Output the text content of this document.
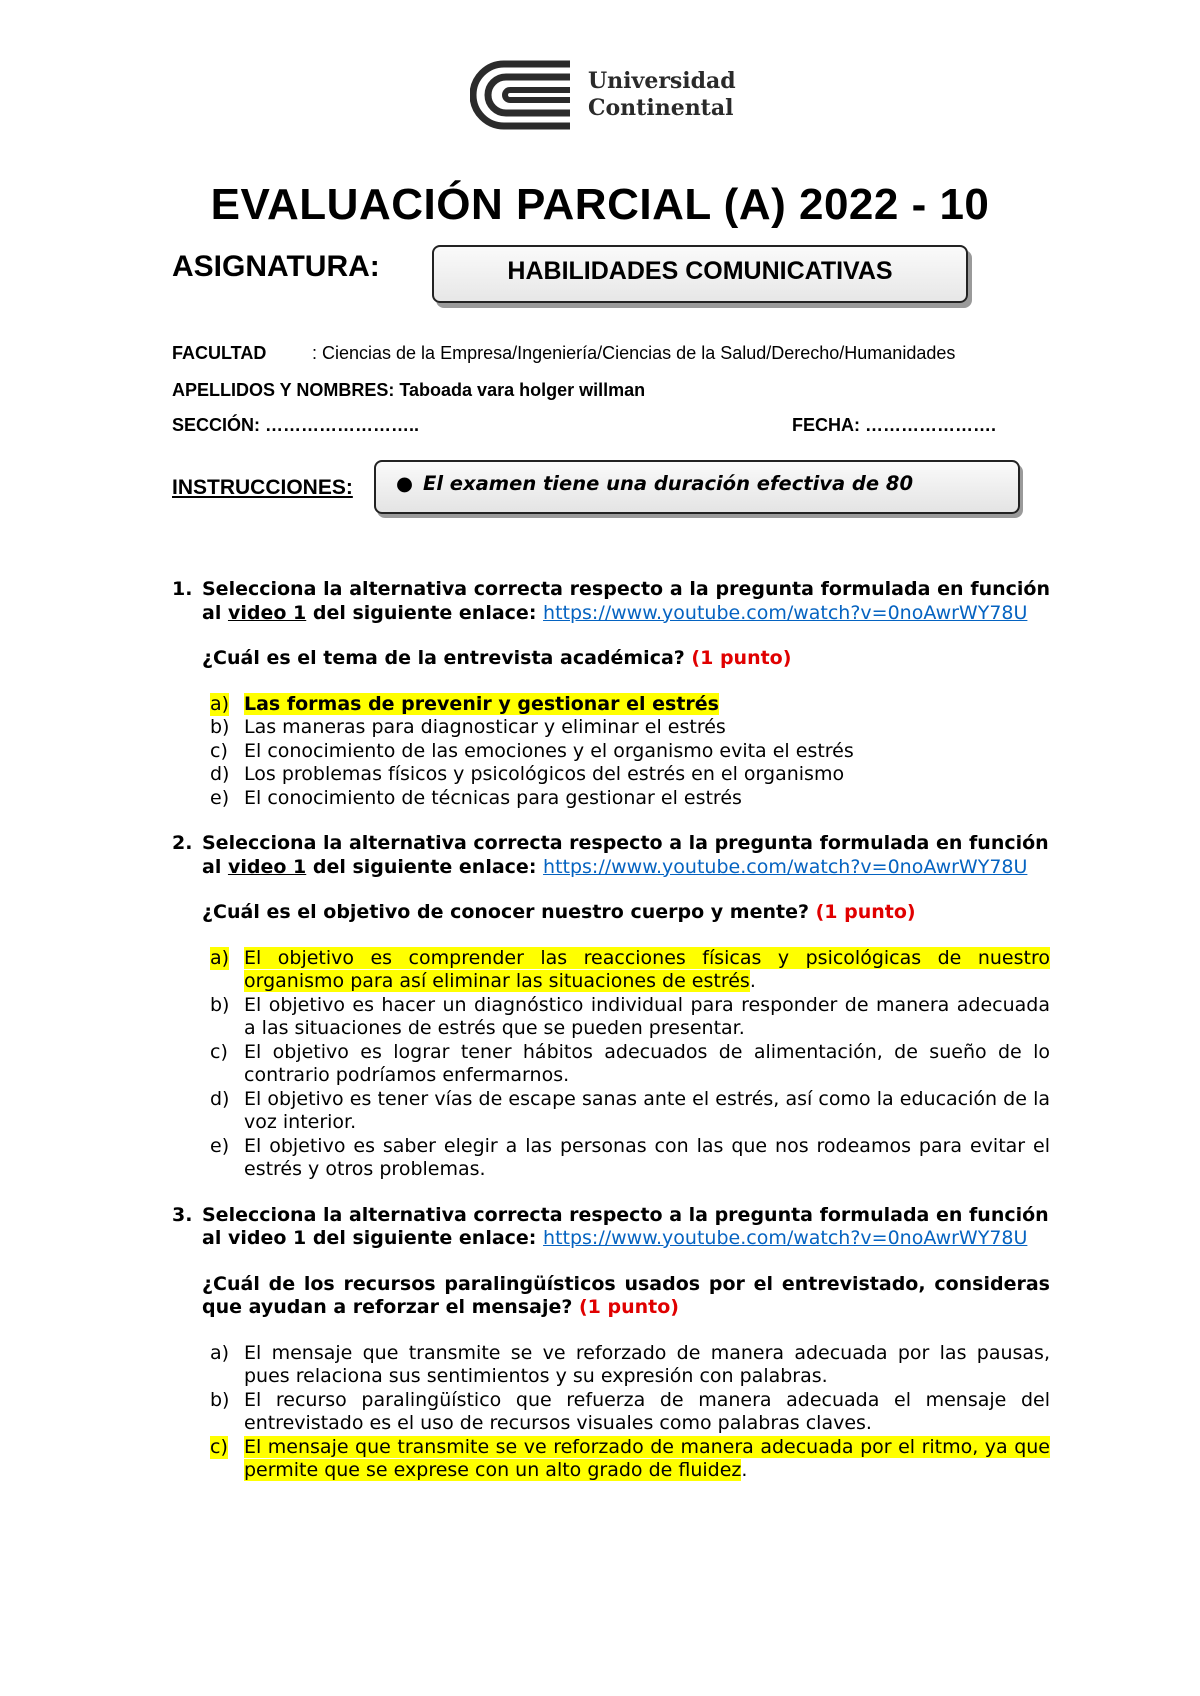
Universidad
Continental
EVALUACIÓN PARCIAL (A) 2022 - 10
ASIGNATURA:	HABILIDADES COMUNICATIVAS
FACULTAD	: Ciencias de la Empresa/Ingeniería/Ciencias de la Salud/Derecho/Humanidades
APELLIDOS Y NOMBRES: Taboada vara holger willman
SECCIÓN: ……………………..	FECHA: ………………….
INSTRUCCIONES: ● El examen tiene una duración efectiva de 80
1. Selecciona la alternativa correcta respecto a la pregunta formulada en función al video 1 del siguiente enlace: https://www.youtube.com/watch?v=0noAwrWY78U
¿Cuál es el tema de la entrevista académica? (1 punto)
a) Las formas de prevenir y gestionar el estrés
b) Las maneras para diagnosticar y eliminar el estrés
c) El conocimiento de las emociones y el organismo evita el estrés
d) Los problemas físicos y psicológicos del estrés en el organismo
e) El conocimiento de técnicas para gestionar el estrés
2. Selecciona la alternativa correcta respecto a la pregunta formulada en función al video 1 del siguiente enlace: https://www.youtube.com/watch?v=0noAwrWY78U
¿Cuál es el objetivo de conocer nuestro cuerpo y mente? (1 punto)
a) El objetivo es comprender las reacciones físicas y psicológicas de nuestro organismo para así eliminar las situaciones de estrés.
b) El objetivo es hacer un diagnóstico individual para responder de manera adecuada a las situaciones de estrés que se pueden presentar.
c) El objetivo es lograr tener hábitos adecuados de alimentación, de sueño de lo contrario podríamos enfermarnos.
d) El objetivo es tener vías de escape sanas ante el estrés, así como la educación de la voz interior.
e) El objetivo es saber elegir a las personas con las que nos rodeamos para evitar el estrés y otros problemas.
3. Selecciona la alternativa correcta respecto a la pregunta formulada en función al video 1 del siguiente enlace: https://www.youtube.com/watch?v=0noAwrWY78U
¿Cuál de los recursos paralingüísticos usados por el entrevistado, consideras que ayudan a reforzar el mensaje? (1 punto)
a) El mensaje que transmite se ve reforzado de manera adecuada por las pausas, pues relaciona sus sentimientos y su expresión con palabras.
b) El recurso paralingüístico que refuerza de manera adecuada el mensaje del entrevistado es el uso de recursos visuales como palabras claves.
c) El mensaje que transmite se ve reforzado de manera adecuada por el ritmo, ya que permite que se exprese con un alto grado de fluidez.
